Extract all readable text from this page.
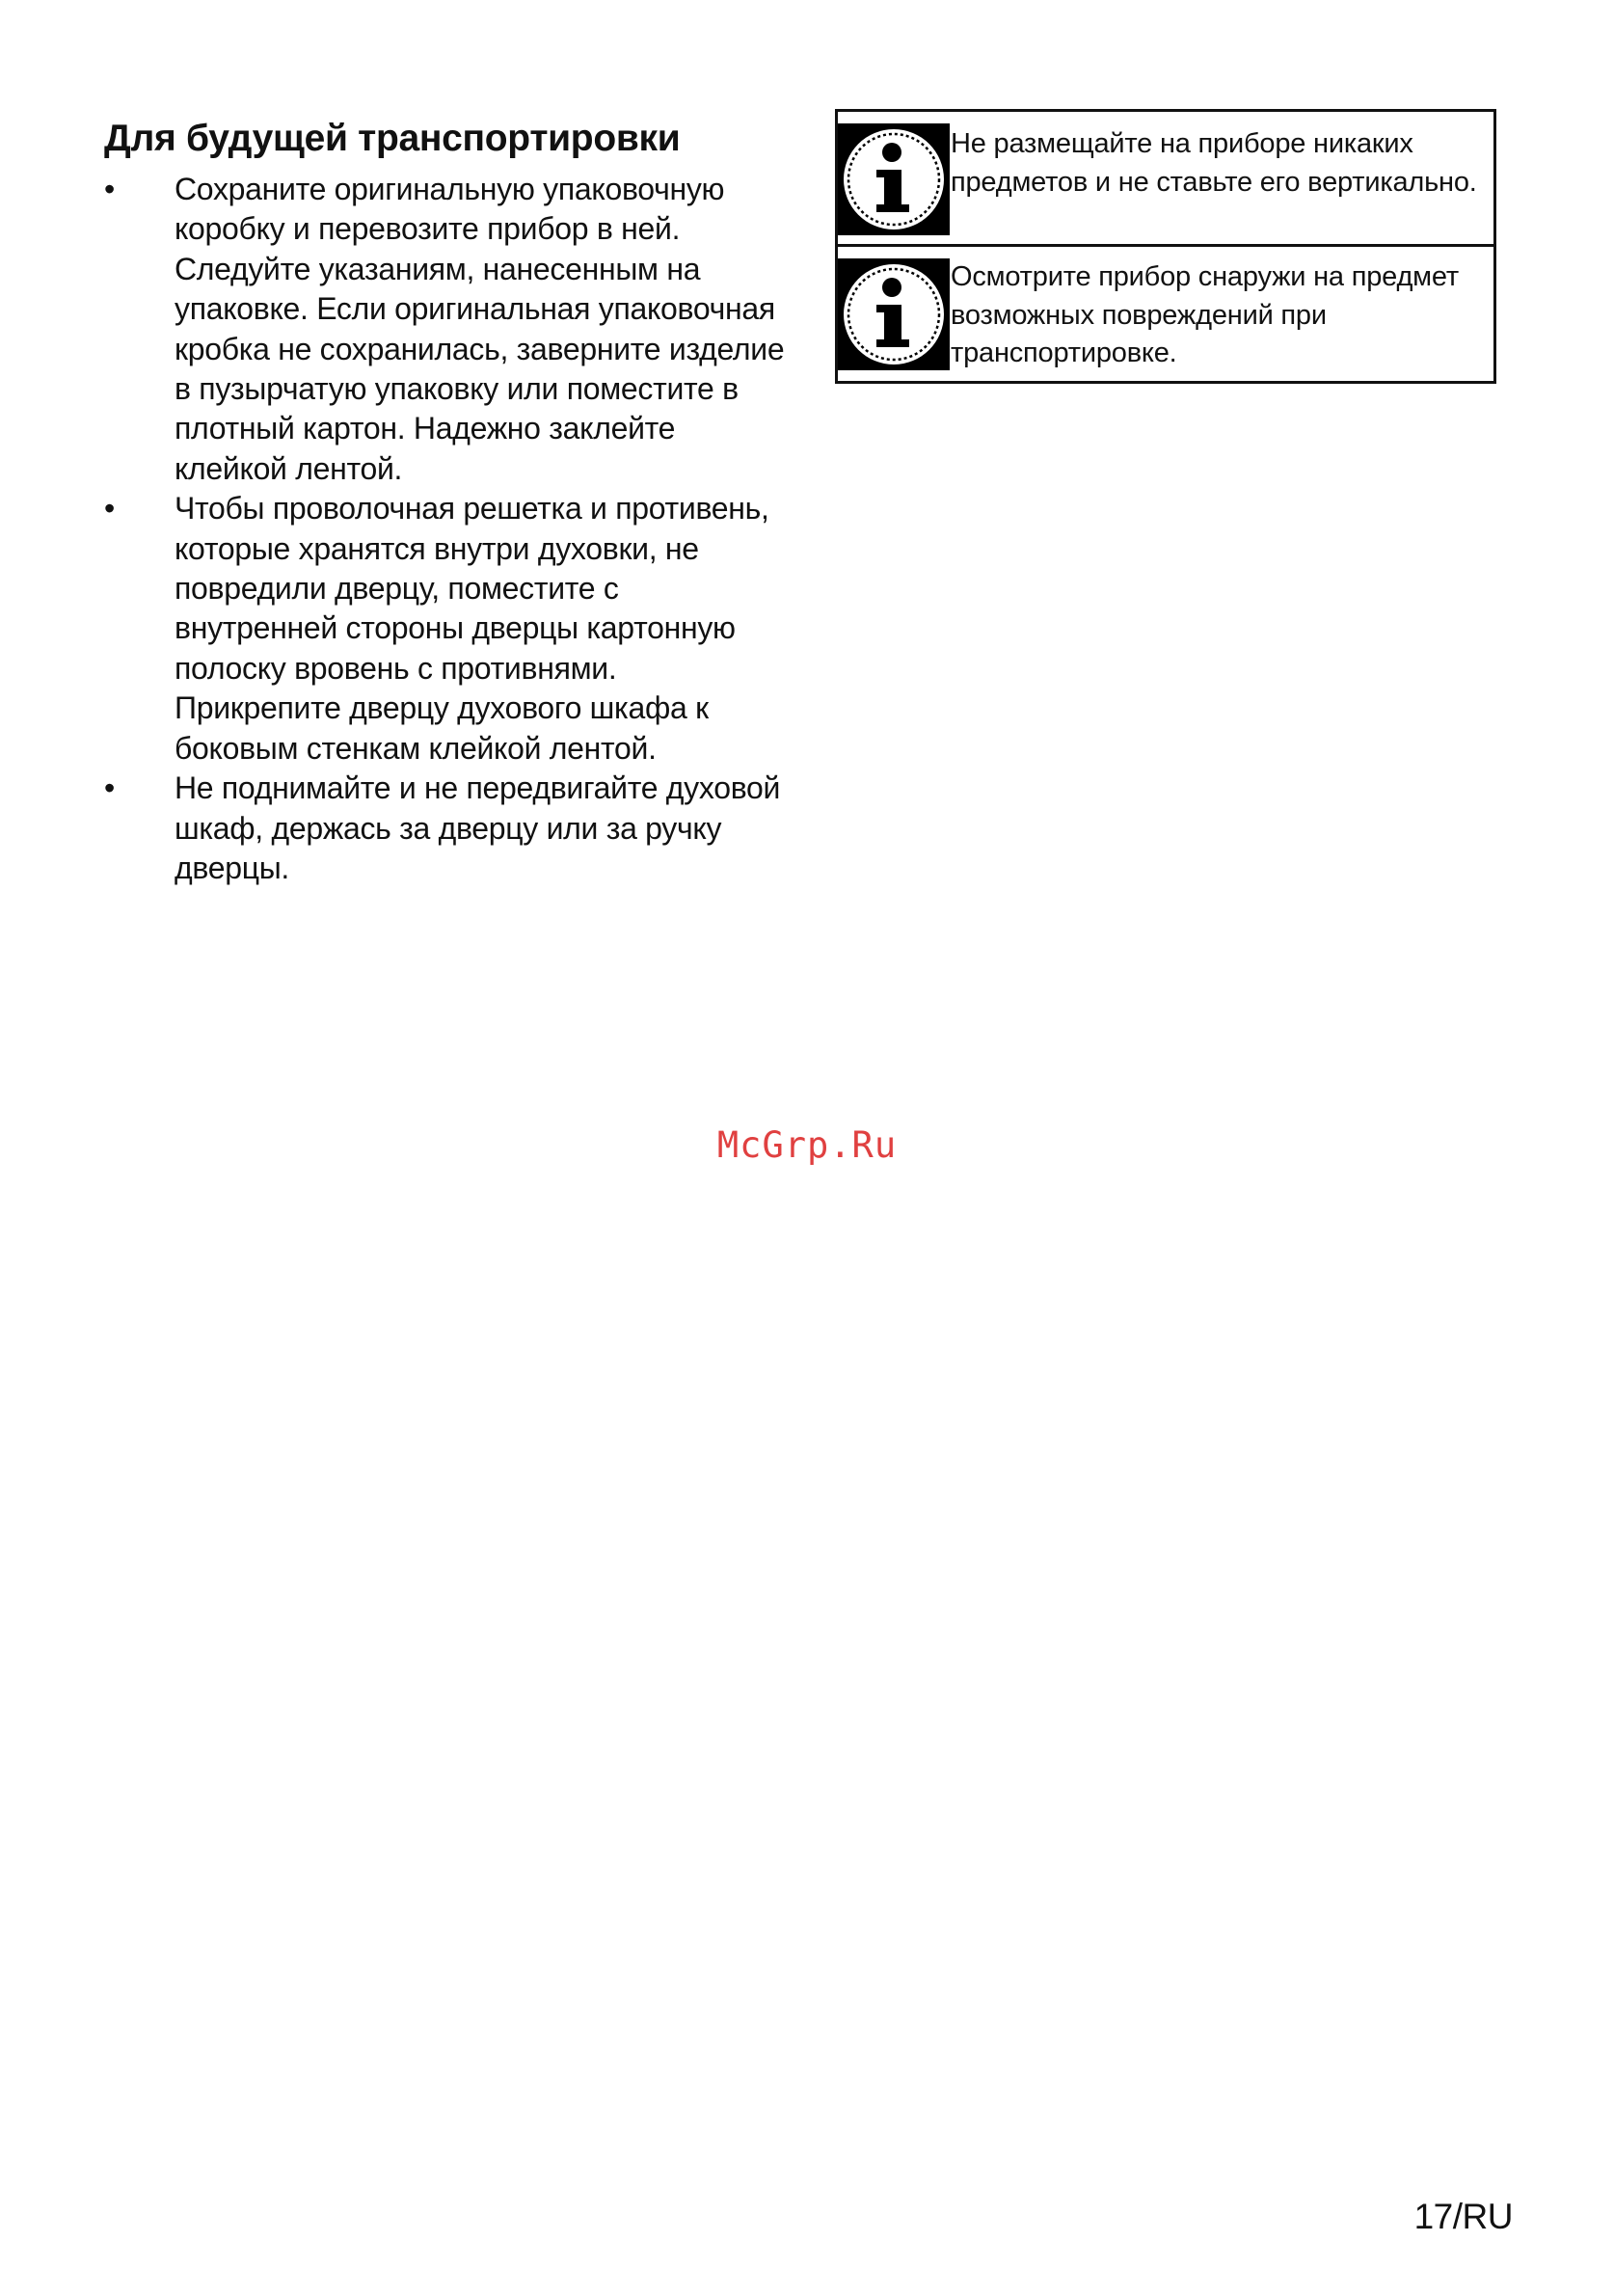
Для будущей транспортировки
•	Сохраните оригинальную упаковочную коробку и перевозите прибор в ней. Следуйте указаниям, нанесенным на упаковке. Если оригинальная упаковочная кробка не сохранилась, заверните изделие в пузырчатую упаковку или поместите в плотный картон. Надежно заклейте клейкой лентой.
•	Чтобы проволочная решетка и противень, которые хранятся внутри духовки, не повредили дверцу, поместите с внутренней стороны дверцы картонную полоску вровень с противнями. Прикрепите дверцу духового шкафа к боковым стенкам клейкой лентой.
•	Не поднимайте и не передвигайте духовой шкаф, держась за дверцу или за ручку дверцы.
Не размещайте на приборе никаких предметов и не ставьте его вертикально.
Осмотрите прибор снаружи на предмет возможных повреждений при транспортировке.
McGrp.Ru
17/RU
